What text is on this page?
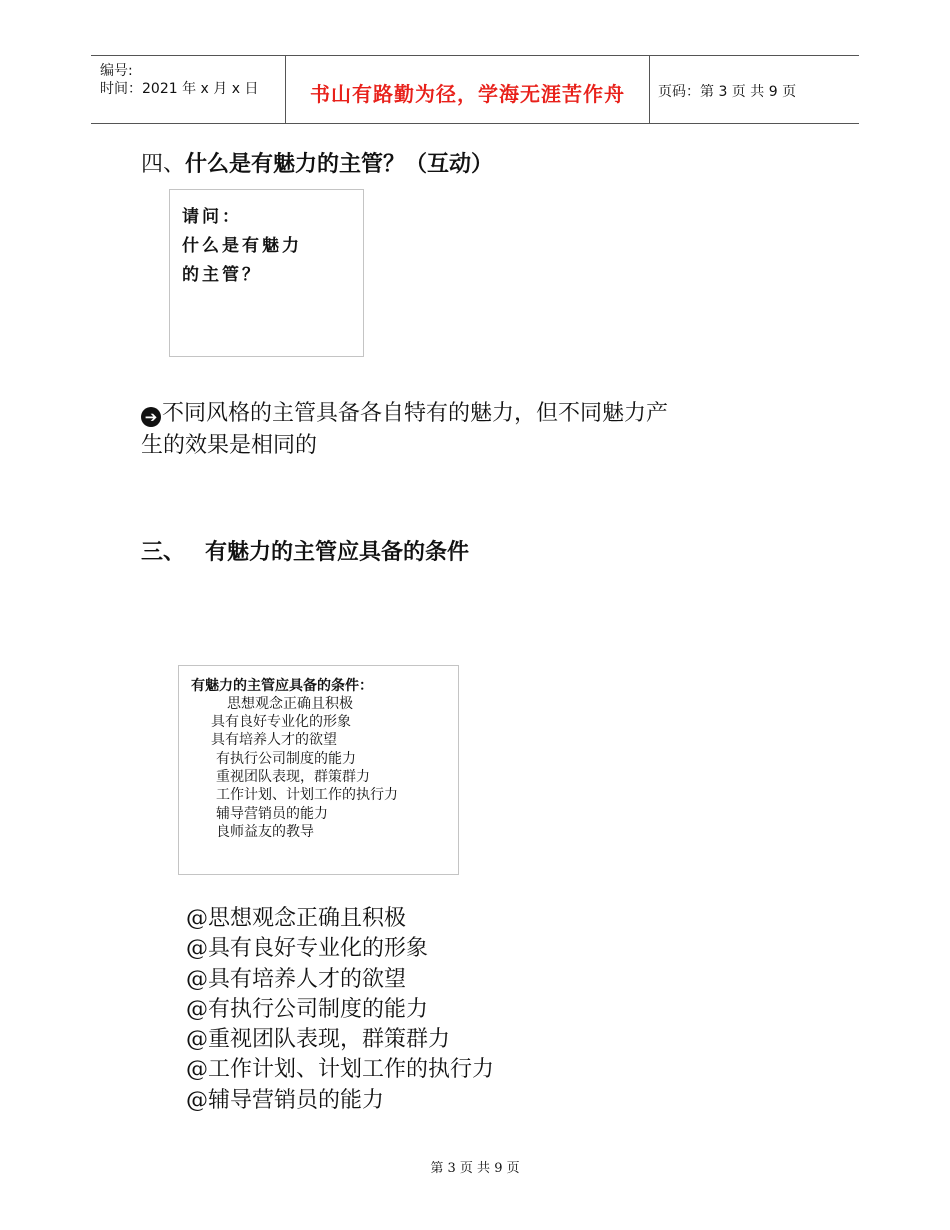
编号:
时间：2021 年 x 月 x 日	书山有路勤为径，学海无涯苦作舟	页码：第 3 页 共 9 页
四、什么是有魅力的主管？（互动）
请问：
什么是有魅力
的主管？
➔ 不同风格的主管具备各自特有的魅力，但不同魅力产生的效果是相同的
三、 有魅力的主管应具备的条件
有魅力的主管应具备的条件：
思想观念正确且积极
具有良好专业化的形象
具有培养人才的欲望
有执行公司制度的能力
重视团队表现，群策群力
工作计划、计划工作的执行力
辅导营销员的能力
良师益友的教导
@思想观念正确且积极
@具有良好专业化的形象
@具有培养人才的欲望
@有执行公司制度的能力
@重视团队表现，群策群力
@工作计划、计划工作的执行力
@辅导营销员的能力
第 3 页 共 9 页
